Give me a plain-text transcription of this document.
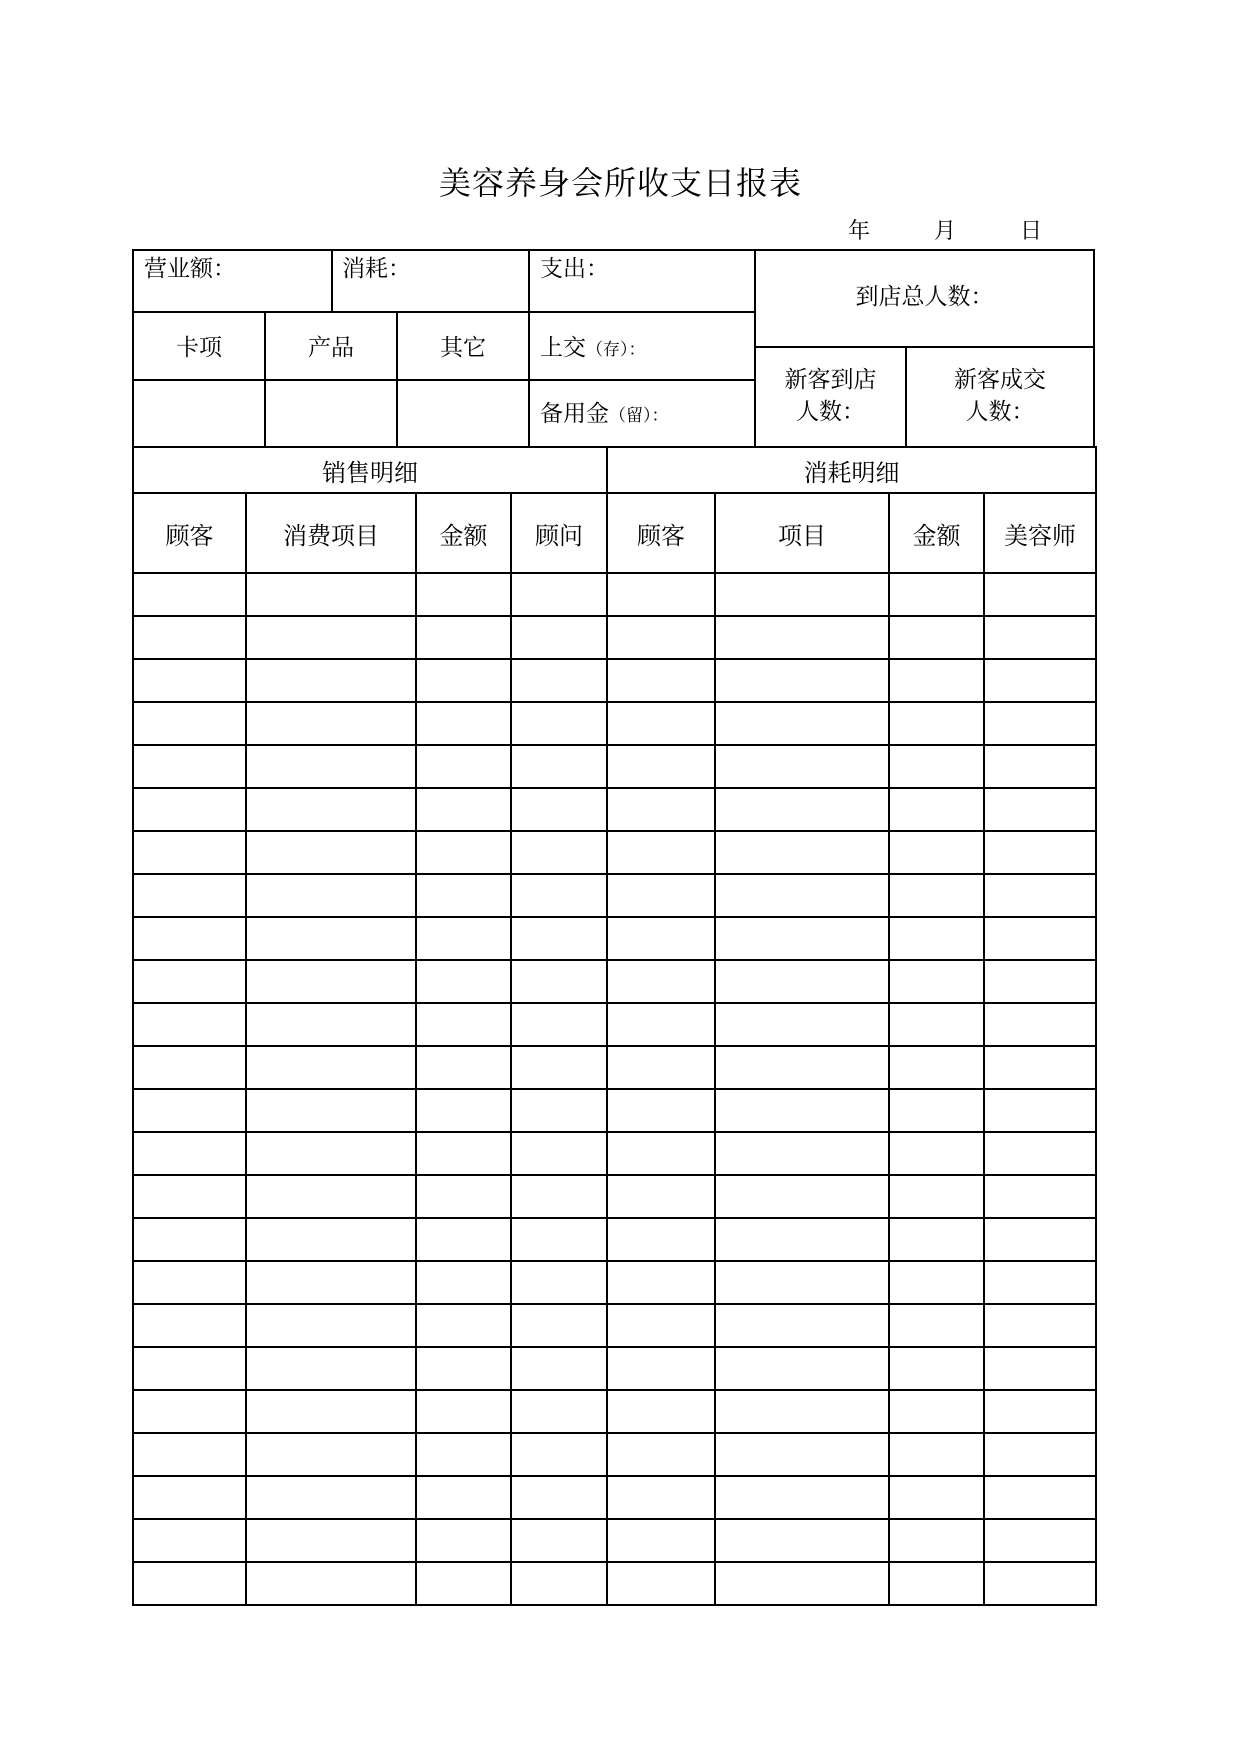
美容养身会所收支日报表
年	月	日
营业额：	消耗：	支出：
到店总人数：
卡项	产品	其它	上交（存）：
备用金（留）：
新客到店
人数：
新客成交
人数：
销售明细				消耗明细			
顾客	消费项目	金额	顾问	顾客	项目	金额	美容师
